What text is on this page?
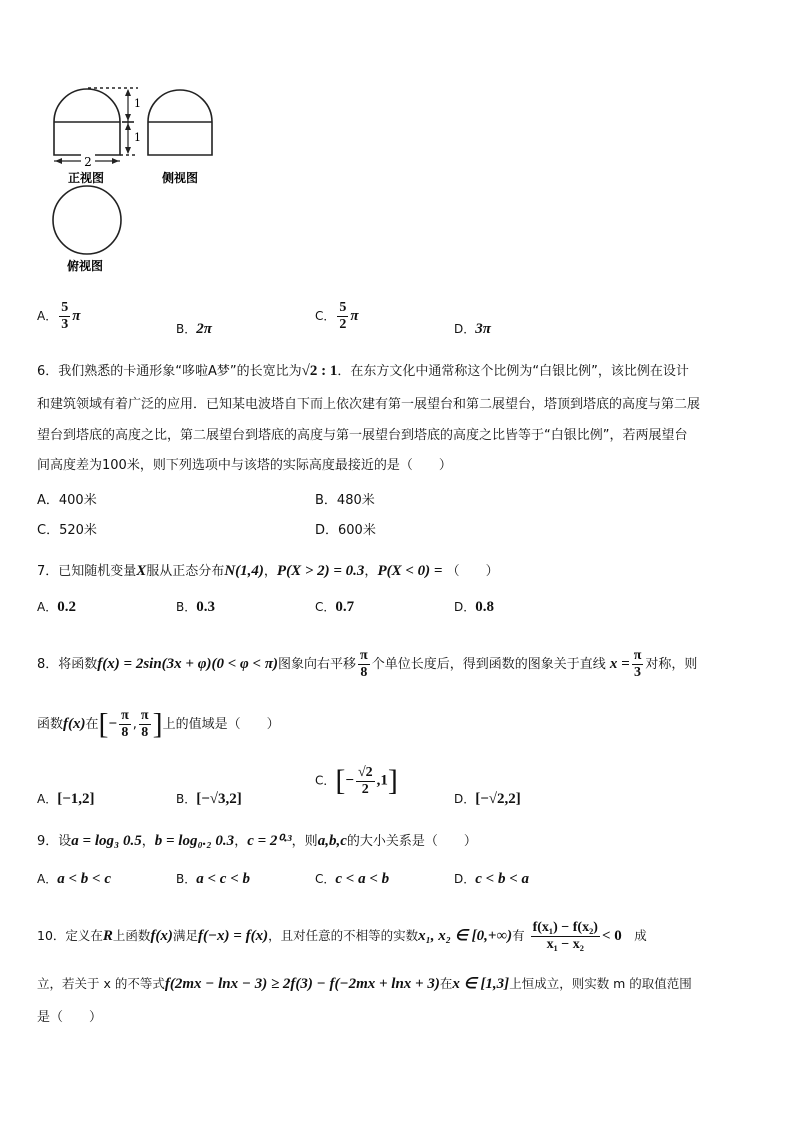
2
1
1
正视图	侧视图
俯视图
A． $\frac{5}{3}$ π
B．2π
C． $\frac{5}{2}$ π
D．3π
6．我们熟悉的卡通形象“哆啦A梦”的长宽比为√2 : 1．在东方文化中通常称这个比例为“白银比例”，该比例在设计
和建筑领域有着广泛的应用．已知某电波塔自下而上依次建有第一展望台和第二展望台，塔顶到塔底的高度与第二展
望台到塔底的高度之比，第二展望台到塔底的高度与第一展望台到塔底的高度之比皆等于“白银比例”，若两展望台
间高度差为100米，则下列选项中与该塔的实际高度最接近的是（　　）
A．400米	B．480米
C．520米	D．600米
7．已知随机变量X服从正态分布N(1,4)，P(X > 2) = 0.3，P(X < 0) = （　　）
A．0.2	B．0.3	C．0.7	D．0.8
8．将函数f(x) = 2sin(3x + φ)(0 < φ < π)图象向右平移 $\frac{\pi}{8}$ 个单位长度后，得到函数的图象关于直线 $x = \frac{\pi}{3}$ 对称，则
函数f(x)在[− $\frac{\pi}{8}$ , $\frac{\pi}{8}$ ]上的值域是（　　）
A．[−1,2]	B．[−√3,2]
C．[− $\frac{√2}{2} ,1$]
D．[−√2,2]
9．设a = log₃ 0.5，b = log₀.₂ 0.3，c = 2⁰·³，则a,b,c的大小关系是（　　）
A．a < b < c	B．a < c < b	C．c < a < b	D．c < b < a
10．定义在R上函数f(x)满足f(−x) = f(x)，且对任意的不相等的实数x₁, x₂ ∈ [0,+∞)有 $\frac{\text{f(x₁) − f(x₂)}}{\text{x₁ − x₂}} < 0$　 成
立，若关于 x 的不等式f(2mx − lnx − 3) ≥ 2f(3) − f(−2mx + lnx + 3)在x ∈ [1,3]上恒成立，则实数 m 的取值范围
是（　　）
